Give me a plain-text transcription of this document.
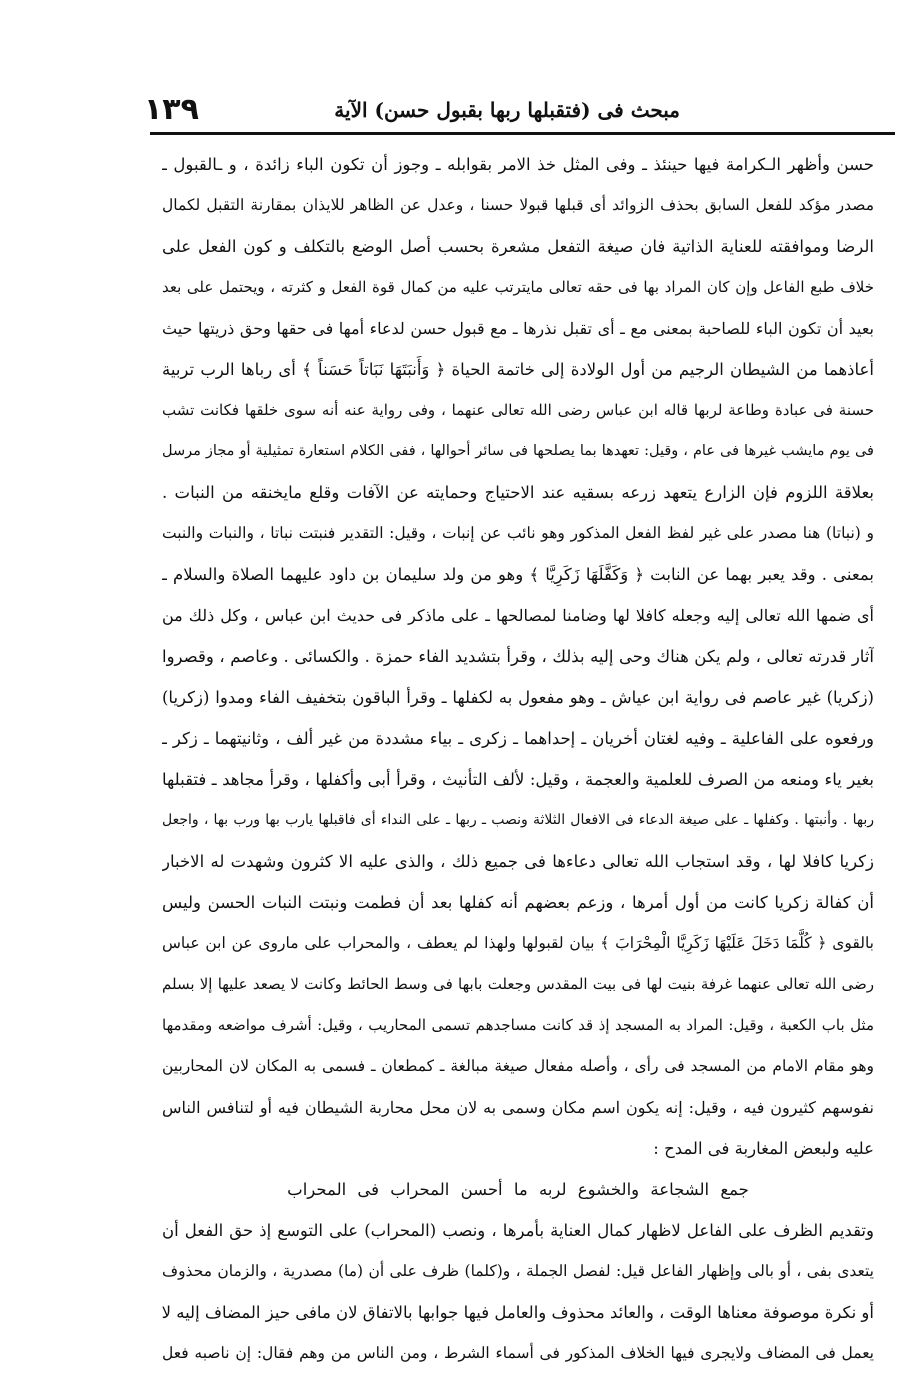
١٣٩	مبحث فى (فتقبلها ربها بقبول حسن) الآية
حسن وأظهر الـكرامة فيها حينئذ ـ وفى المثل خذ الامر بقوابله ـ وجوز أن تكون الباء زائدة ، و ـالقبول ـ
مصدر مؤكد للفعل السابق بحذف الزوائد أى قبلها قبولا حسنا ، وعدل عن الظاهر للايذان بمقارنة التقبل لكمال
الرضا وموافقته للعناية الذاتية فان صيغة التفعل مشعرة بحسب أصل الوضع بالتكلف و كون الفعل على
خلاف طبع الفاعل وإن كان المراد بها فى حقه تعالى مايترتب عليه من كمال قوة الفعل و كثرته ، ويحتمل على بعد
بعيد أن تكون الباء للصاحبة بمعنى مع ـ أى تقبل نذرها ـ مع قبول حسن لدعاء أمها فى حقها وحق ذريتها حيث
أعاذهما من الشيطان الرجيم من أول الولادة إلى خاتمة الحياة ﴿ وَأَنبَتَهَا نَبَاتاً حَسَناً ﴾ أى رباها الرب تربية
حسنة فى عبادة وطاعة لربها قاله ابن عباس رضى الله تعالى عنهما ، وفى رواية عنه أنه سوى خلقها فكانت تشب
فى يوم مايشب غيرها فى عام ، وقيل: تعهدها بما يصلحها فى سائر أحوالها ، ففى الكلام استعارة تمثيلية أو مجاز مرسل
بعلاقة اللزوم فإن الزارع يتعهد زرعه بسقيه عند الاحتياج وحمايته عن الآفات وقلع مايخنقه من النبات .
و (نباتا) هنا مصدر على غير لفظ الفعل المذكور وهو نائب عن إنبات ، وقيل: التقدير فنبتت نباتا ، والنبات والنبت
بمعنى . وقد يعبر بهما عن النابت ﴿ وَكَفَّلَهَا زَكَرِيَّا ﴾ وهو من ولد سليمان بن داود عليهما الصلاة والسلام ـ
أى ضمها الله تعالى إليه وجعله كافلا لها وضامنا لمصالحها ـ على ماذكر فى حديث ابن عباس ، وكل ذلك من
آثار قدرته تعالى ، ولم يكن هناك وحى إليه بذلك ، وقرأ بتشديد الفاء حمزة . والكسائى . وعاصم ، وقصروا
(زكريا) غير عاصم فى رواية ابن عياش ـ وهو مفعول به لكفلها ـ وقرأ الباقون بتخفيف الفاء ومدوا (زكريا)
ورفعوه على الفاعلية ـ وفيه لغتان أخريان ـ إحداهما ـ زكرى ـ بياء مشددة من غير ألف ، وثانيتهما ـ زكر ـ
بغير ياء ومنعه من الصرف للعلمية والعجمة ، وقيل: لألف التأنيث ، وقرأ أبى وأكفلها ، وقرأ مجاهد ـ فتقبلها
ربها . وأنبتها . وكفلها ـ على صيغة الدعاء فى الافعال الثلاثة ونصب ـ ربها ـ على النداء أى فاقبلها يارب بها ورب بها ، واجعل
زكريا كافلا لها ، وقد استجاب الله تعالى دعاءها فى جميع ذلك ، والذى عليه الا كثرون وشهدت له الاخبار
أن كفالة زكريا كانت من أول أمرها ، وزعم بعضهم أنه كفلها بعد أن فطمت ونبتت النبات الحسن وليس
بالقوى ﴿ كُلَّمَا دَخَلَ عَلَيْهَا زَكَرِيَّا الْمِحْرَابَ ﴾ بيان لقبولها ولهذا لم يعطف ، والمحراب على ماروى عن ابن عباس
رضى الله تعالى عنهما غرفة بنيت لها فى بيت المقدس وجعلت بابها فى وسط الحائط وكانت لا يصعد عليها إلا بسلم
مثل باب الكعبة ، وقيل: المراد به المسجد إذ قد كانت مساجدهم تسمى المحاريب ، وقيل: أشرف مواضعه ومقدمها
وهو مقام الامام من المسجد فى رأى ، وأصله مفعال صيغة مبالغة ـ كمطعان ـ فسمى به المكان لان المحاربين
نفوسهم كثيرون فيه ، وقيل: إنه يكون اسم مكان وسمى به لان محل محاربة الشيطان فيه أو لتنافس الناس
عليه ولبعض المغاربة فى المدح :
جمع الشجاعة والخشوع لربه ما أحسن المحراب فى المحراب
وتقديم الظرف على الفاعل لاظهار كمال العناية بأمرها ، ونصب (المحراب) على التوسع إذ حق الفعل أن
يتعدى بفى ، أو بالى وإظهار الفاعل قيل: لفصل الجملة ، و(كلما) ظرف على أن (ما) مصدرية ، والزمان محذوف
أو نكرة موصوفة معناها الوقت ، والعائد محذوف والعامل فيها جوابها بالاتفاق لان مافى حيز المضاف إليه لا
يعمل فى المضاف ولايجرى فيها الخلاف المذكور فى أسماء الشرط ، ومن الناس من وهم فقال: إن ناصبه فعل
